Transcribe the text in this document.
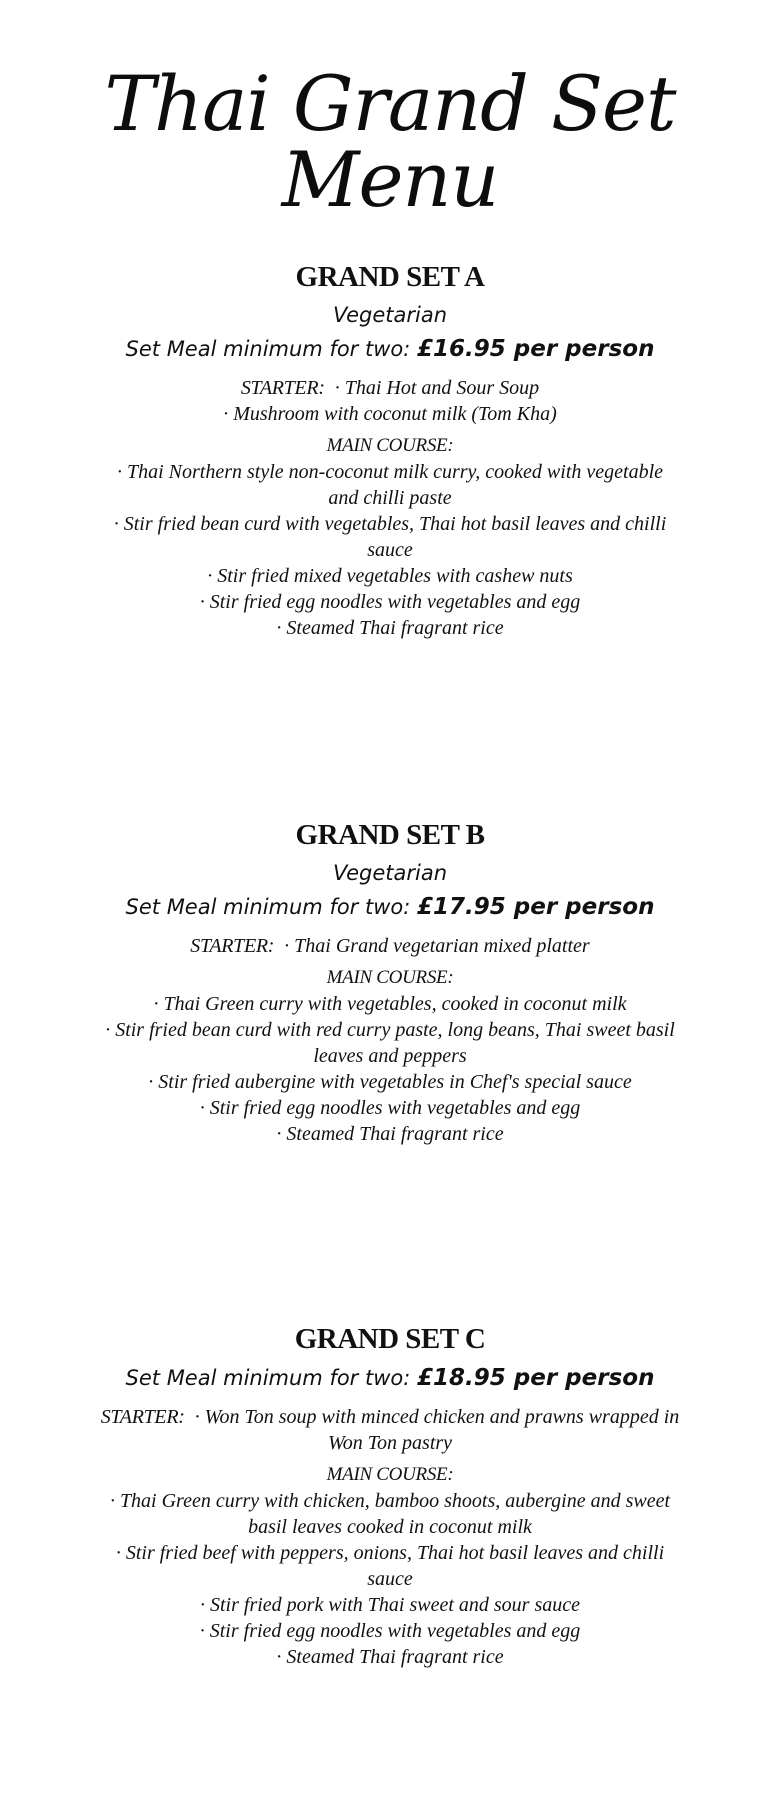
Thai Grand Set Menu
GRAND SET A

Vegetarian

Set Meal minimum for two: £16.95 per person

STARTER: · Thai Hot and Sour Soup

· Mushroom with coconut milk (Tom Kha)

MAIN COURSE:

· Thai Northern style non-coconut milk curry, cooked with vegetable

and chilli paste

· Stir fried bean curd with vegetables, Thai hot basil leaves and chilli

sauce

· Stir fried mixed vegetables with cashew nuts

· Stir fried egg noodles with vegetables and egg

· Steamed Thai fragrant rice

GRAND SET B

Vegetarian

Set Meal minimum for two: £17.95 per person

STARTER: · Thai Grand vegetarian mixed platter

MAIN COURSE:

· Thai Green curry with vegetables, cooked in coconut milk

· Stir fried bean curd with red curry paste, long beans, Thai sweet basil

leaves and peppers

· Stir fried aubergine with vegetables in Chef's special sauce

· Stir fried egg noodles with vegetables and egg

· Steamed Thai fragrant rice

GRAND SET C

Set Meal minimum for two: £18.95 per person

STARTER: · Won Ton soup with minced chicken and prawns wrapped in

Won Ton pastry

MAIN COURSE:

· Thai Green curry with chicken, bamboo shoots, aubergine and sweet

basil leaves cooked in coconut milk

· Stir fried beef with peppers, onions, Thai hot basil leaves and chilli

sauce

· Stir fried pork with Thai sweet and sour sauce

· Stir fried egg noodles with vegetables and egg

· Steamed Thai fragrant rice
